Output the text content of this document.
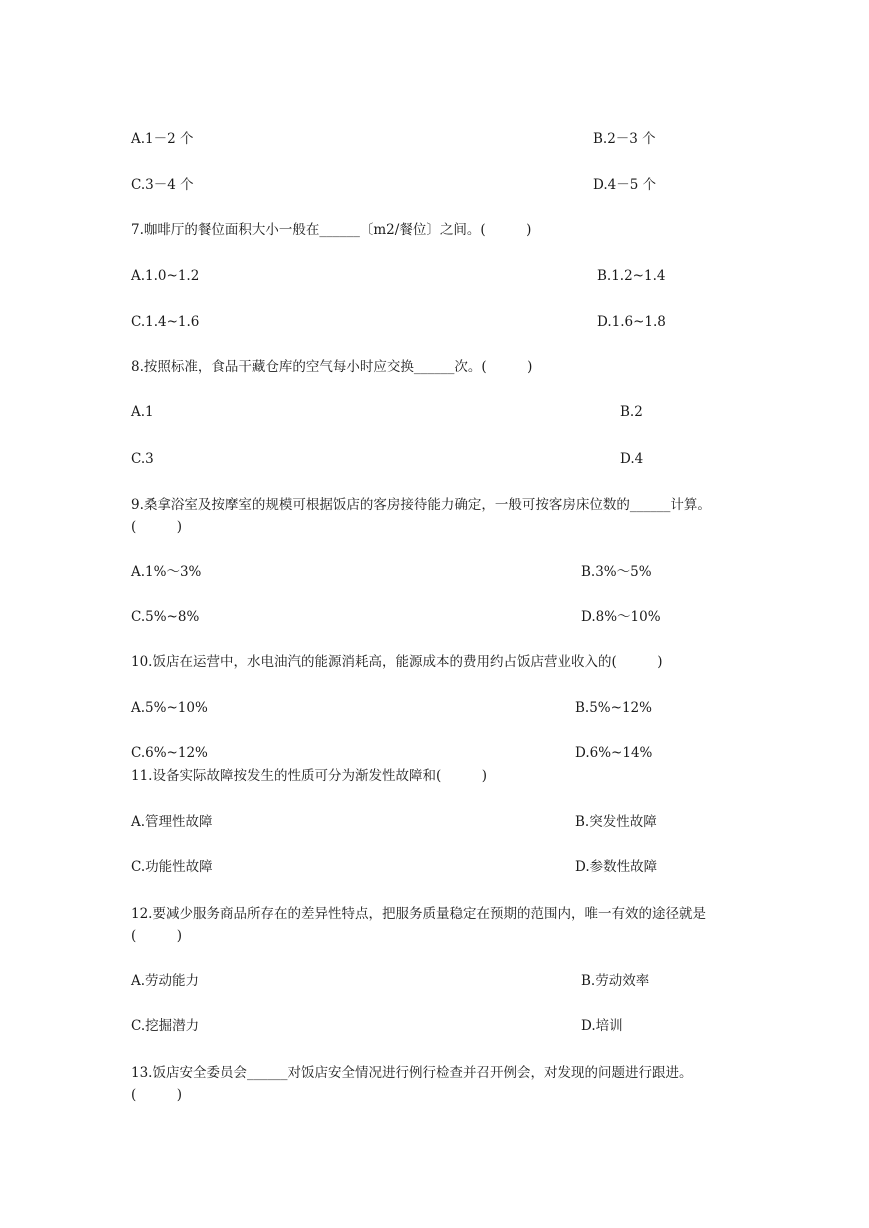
A.1－2 个	B.2－3 个
C.3－4 个	D.4－5 个
7.咖啡厅的餐位面积大小一般在______〔m2/餐位〕之间。(　　　)
A.1.0~1.2	B.1.2~1.4
C.1.4~1.6	D.1.6~1.8
8.按照标准，食品干藏仓库的空气每小时应交换______次。(　　　)
A.1	B.2
C.3	D.4
9.桑拿浴室及按摩室的规模可根据饭店的客房接待能力确定，一般可按客房床位数的______计算。(　　　)
A.1%～3%	B.3%～5%
C.5%~8%	D.8%～10%
10.饭店在运营中，水电油汽的能源消耗高，能源成本的费用约占饭店营业收入的(　　　)
A.5%~10%	B.5%~12%
C.6%~12%	D.6%~14%
11.设备实际故障按发生的性质可分为渐发性故障和(　　　)
A.管理性故障	B.突发性故障
C.功能性故障	D.参数性故障
12.要减少服务商品所存在的差异性特点，把服务质量稳定在预期的范围内，唯一有效的途径就是(　　　)
A.劳动能力	B.劳动效率
C.挖掘潜力	D.培训
13.饭店安全委员会______对饭店安全情况进行例行检查并召开例会，对发现的问题进行跟进。(　　　)
